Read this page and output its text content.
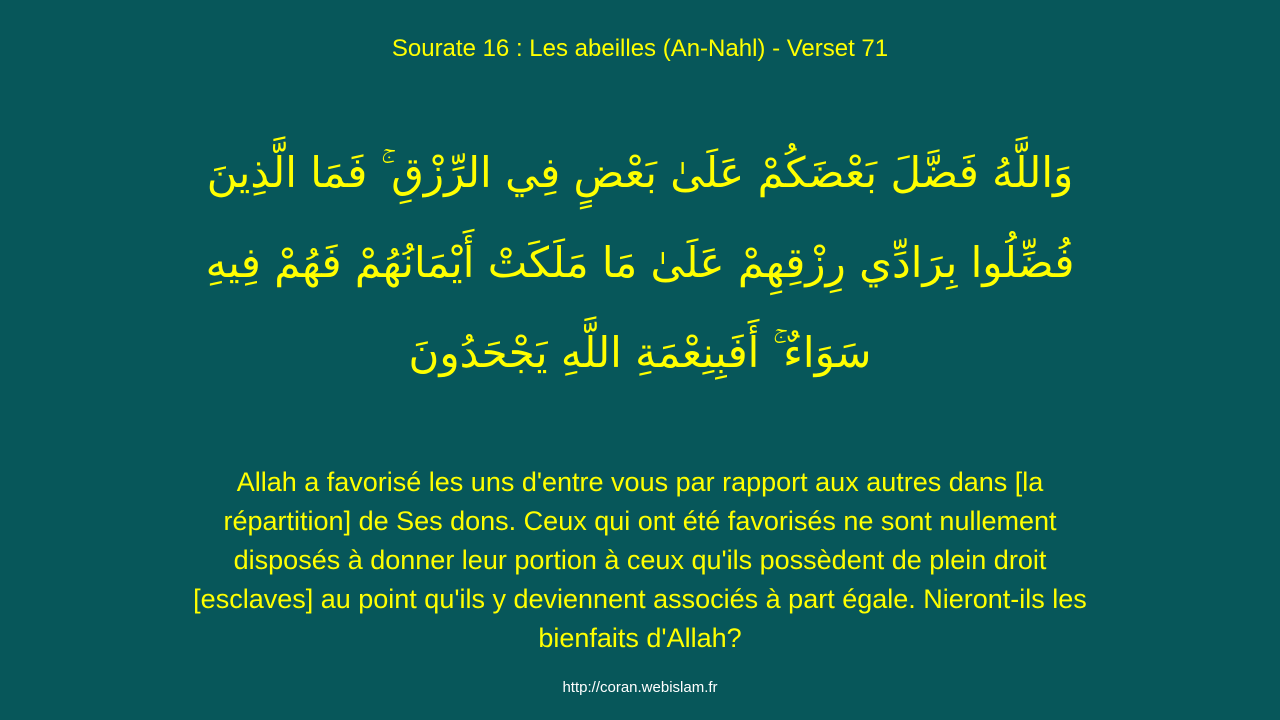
Sourate 16 : Les abeilles (An-Nahl) - Verset 71
وَاللَّهُ فَضَّلَ بَعْضَكُمْ عَلَىٰ بَعْضٍ فِي الرِّزْقِ ۚ فَمَا الَّذِينَ فُضِّلُوا بِرَادِّي رِزْقِهِمْ عَلَىٰ مَا مَلَكَتْ أَيْمَانُهُمْ فَهُمْ فِيهِ سَوَاءٌ ۚ أَفَبِنِعْمَةِ اللَّهِ يَجْحَدُونَ
Allah a favorisé les uns d'entre vous par rapport aux autres dans [la répartition] de Ses dons. Ceux qui ont été favorisés ne sont nullement disposés à donner leur portion à ceux qu'ils possèdent de plein droit [esclaves] au point qu'ils y deviennent associés à part égale. Nieront-ils les bienfaits d'Allah?
http://coran.webislam.fr
